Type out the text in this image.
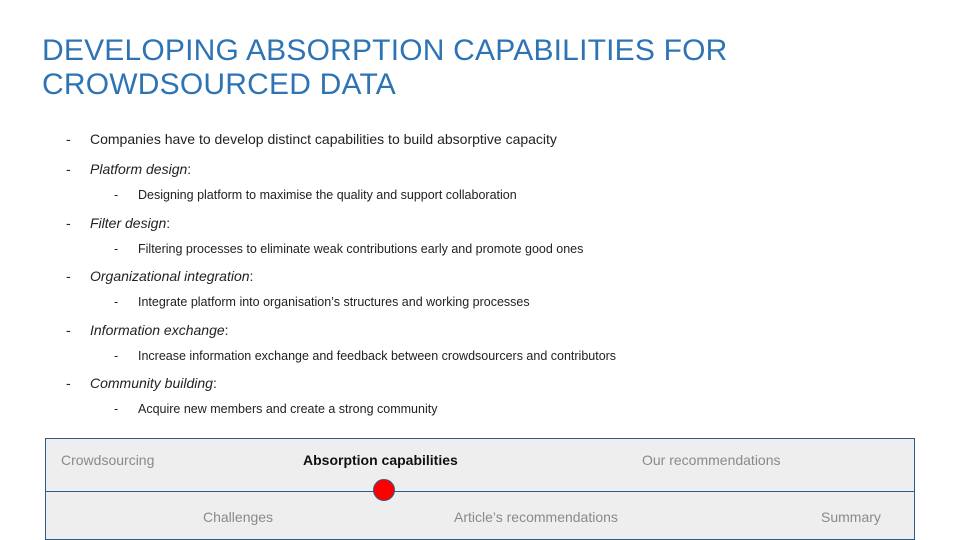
DEVELOPING ABSORPTION CAPABILITIES FOR CROWDSOURCED DATA
- Companies have to develop distinct capabilities to build absorptive capacity
- Platform design:
- Designing platform to maximise the quality and support collaboration
- Filter design:
- Filtering processes to eliminate weak contributions early and promote good ones
- Organizational integration:
- Integrate platform into organisation’s structures and working processes
- Information exchange:
- Increase information exchange and feedback between crowdsourcers and contributors
- Community building:
- Acquire new members and create a strong community
Crowdsourcing	Absorption capabilities	Our recommendations
Challenges	Article’s recommendations	Summary
